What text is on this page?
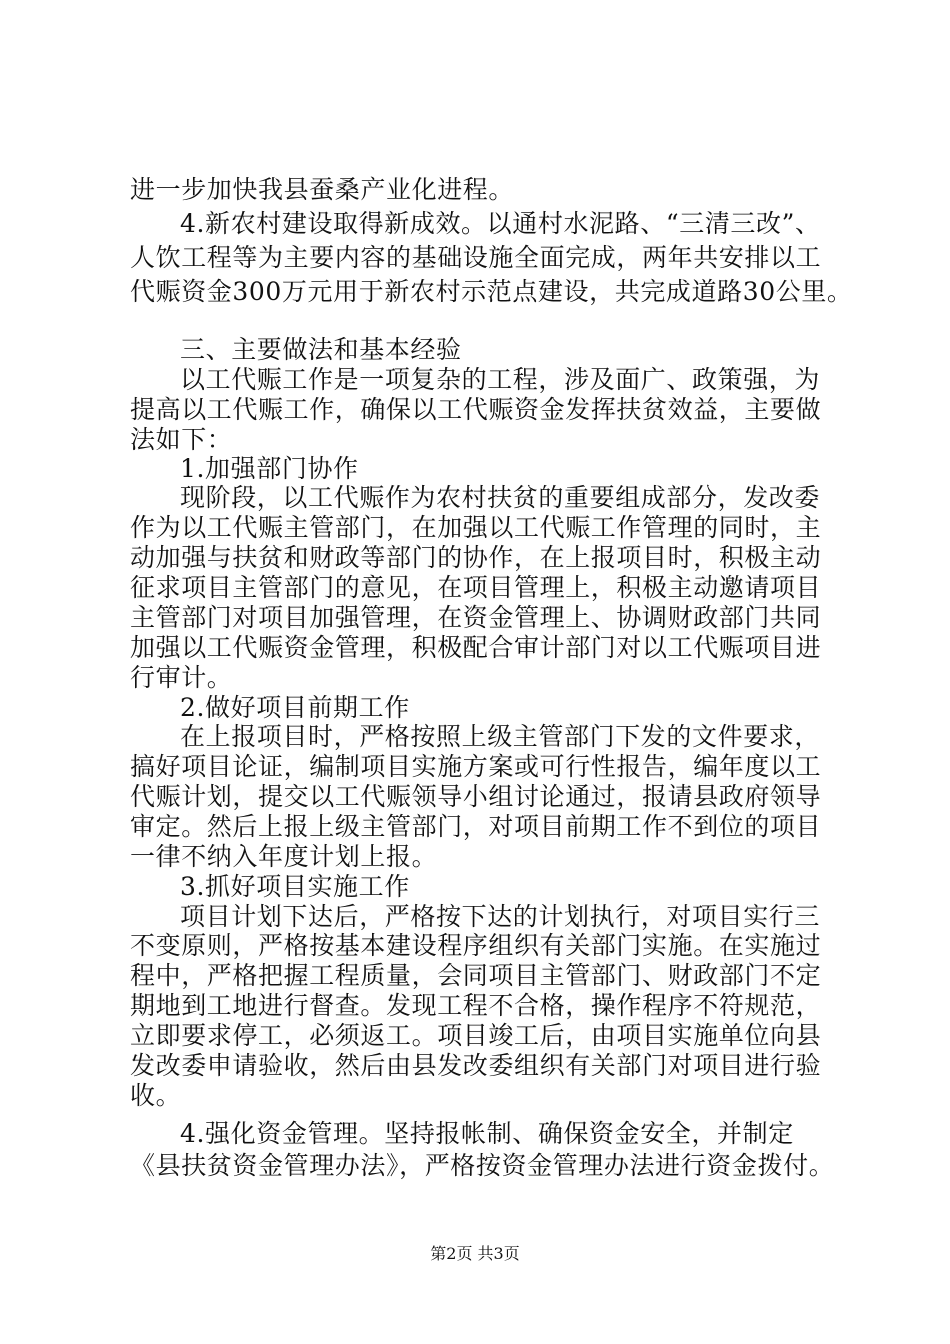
进一步加快我县蚕桑产业化进程。
4.新农村建设取得新成效。以通村水泥路、“三清三改”、
人饮工程等为主要内容的基础设施全面完成，两年共安排以工
代赈资金300万元用于新农村示范点建设，共完成道路30公里。
三、主要做法和基本经验
以工代赈工作是一项复杂的工程，涉及面广、政策强，为
提高以工代赈工作，确保以工代赈资金发挥扶贫效益，主要做
法如下：
1.加强部门协作
现阶段，以工代赈作为农村扶贫的重要组成部分，发改委
作为以工代赈主管部门，在加强以工代赈工作管理的同时，主
动加强与扶贫和财政等部门的协作，在上报项目时，积极主动
征求项目主管部门的意见，在项目管理上，积极主动邀请项目
主管部门对项目加强管理，在资金管理上、协调财政部门共同
加强以工代赈资金管理，积极配合审计部门对以工代赈项目进
行审计。
2.做好项目前期工作
在上报项目时，严格按照上级主管部门下发的文件要求，
搞好项目论证，编制项目实施方案或可行性报告，编年度以工
代赈计划，提交以工代赈领导小组讨论通过，报请县政府领导
审定。然后上报上级主管部门，对项目前期工作不到位的项目
一律不纳入年度计划上报。
3.抓好项目实施工作
项目计划下达后，严格按下达的计划执行，对项目实行三
不变原则，严格按基本建设程序组织有关部门实施。在实施过
程中，严格把握工程质量，会同项目主管部门、财政部门不定
期地到工地进行督查。发现工程不合格，操作程序不符规范，
立即要求停工，必须返工。项目竣工后，由项目实施单位向县
发改委申请验收，然后由县发改委组织有关部门对项目进行验
收。
4.强化资金管理。坚持报帐制、确保资金安全，并制定
《县扶贫资金管理办法》，严格按资金管理办法进行资金拨付。
第2页 共3页
